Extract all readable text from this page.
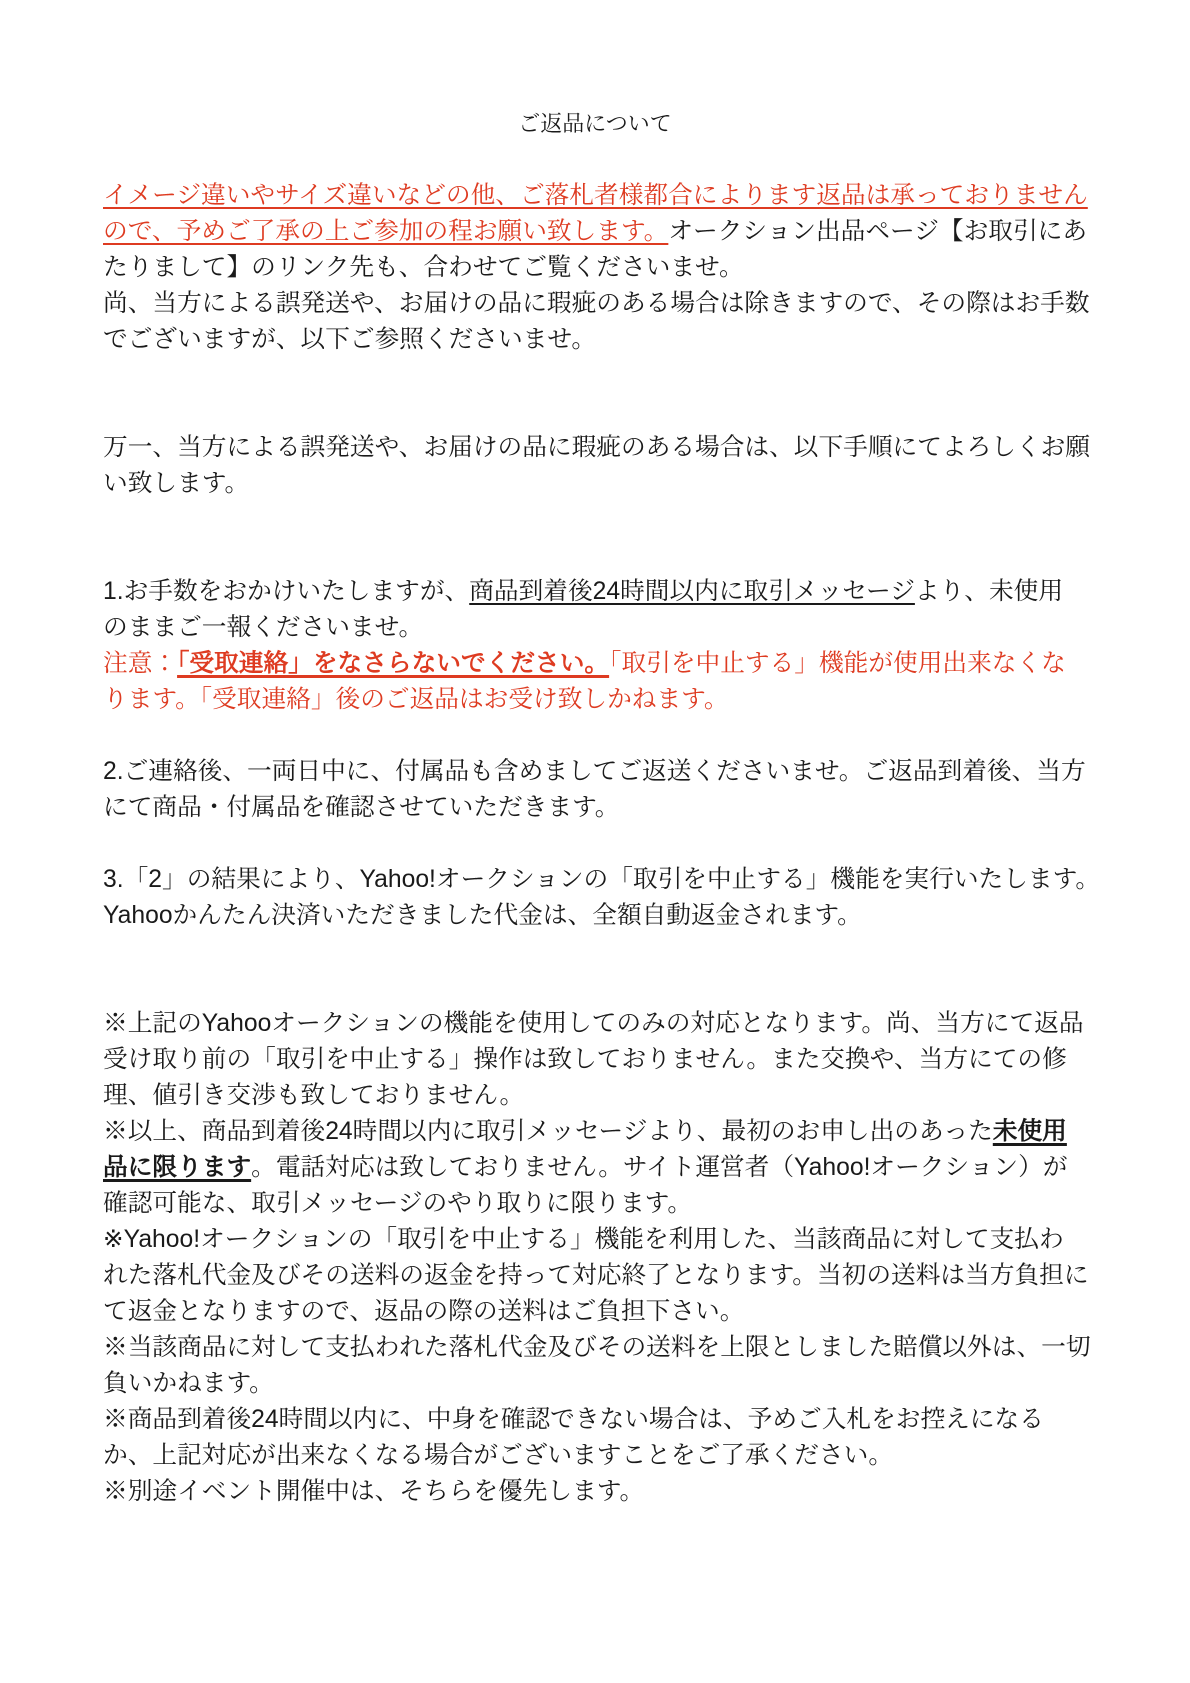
ご返品について
イメージ違いやサイズ違いなどの他、ご落札者様都合によります返品は承っておりません
ので、予めご了承の上ご参加の程お願い致します。オークション出品ページ【お取引にあ
たりまして】のリンク先も、合わせてご覧くださいませ。
尚、当方による誤発送や、お届けの品に瑕疵のある場合は除きますので、その際はお手数
でございますが、以下ご参照くださいませ。
万一、当方による誤発送や、お届けの品に瑕疵のある場合は、以下手順にてよろしくお願
い致します。
1.お手数をおかけいたしますが、商品到着後24時間以内に取引メッセージより、未使用
のままご一報くださいませ。
注意：「受取連絡」をなさらないでください。「取引を中止する」機能が使用出来なくな
ります。「受取連絡」後のご返品はお受け致しかねます。
2.ご連絡後、一両日中に、付属品も含めましてご返送くださいませ。ご返品到着後、当方
にて商品・付属品を確認させていただきます。
3.「2」の結果により、Yahoo!オークションの「取引を中止する」機能を実行いたします。
Yahooかんたん決済いただきました代金は、全額自動返金されます。
※上記のYahooオークションの機能を使用してのみの対応となります。尚、当方にて返品
受け取り前の「取引を中止する」操作は致しておりません。また交換や、当方にての修
理、値引き交渉も致しておりません。
※以上、商品到着後24時間以内に取引メッセージより、最初のお申し出のあった未使用
品に限ります。電話対応は致しておりません。サイト運営者（Yahoo!オークション）が
確認可能な、取引メッセージのやり取りに限ります。
※Yahoo!オークションの「取引を中止する」機能を利用した、当該商品に対して支払わ
れた落札代金及びその送料の返金を持って対応終了となります。当初の送料は当方負担に
て返金となりますので、返品の際の送料はご負担下さい。
※当該商品に対して支払われた落札代金及びその送料を上限としました賠償以外は、一切
負いかねます。
※商品到着後24時間以内に、中身を確認できない場合は、予めご入札をお控えになる
か、上記対応が出来なくなる場合がございますことをご了承ください。
※別途イベント開催中は、そちらを優先します。
